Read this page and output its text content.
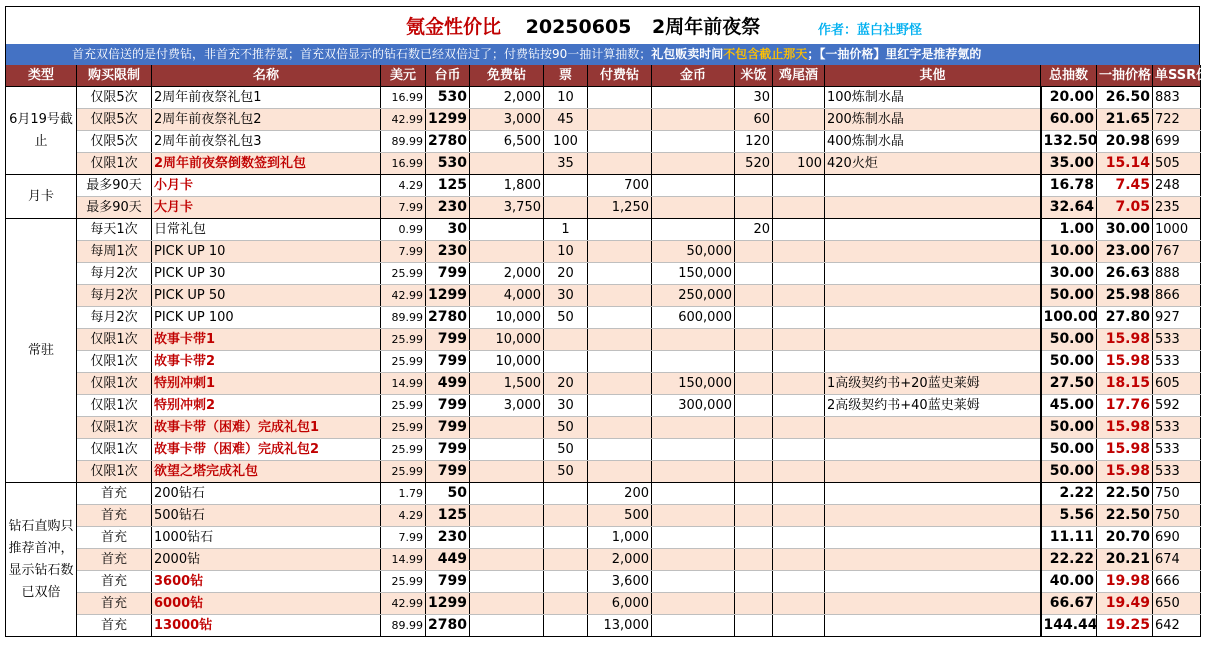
氪金性价比 20250605 2周年前夜祭	作者：蓝白社野怪
首充双倍送的是付费钻，非首充不推荐氪；首充双倍显示的钻石数已经双倍过了；付费钻按90一抽计算抽数；礼包贩卖时间不包含截止那天；【一抽价格】里红字是推荐氪的
类型	购买限制	名称	美元	台币	免费钻	票	付费钻	金币	米饭	鸡尾酒	其他	总抽数	一抽价格	单SSR价
6月19号截止	仅限5次	2周年前夜祭礼包1	16.99	530	2,000	10			30		100炼制水晶	20.00	26.50	883
	仅限5次	2周年前夜祭礼包2	42.99	1299	3,000	45			60		200炼制水晶	60.00	21.65	722
	仅限5次	2周年前夜祭礼包3	89.99	2780	6,500	100			120		400炼制水晶	132.50	20.98	699
	仅限1次	2周年前夜祭倒数签到礼包	16.99	530		35			520	100	420火炬	35.00	15.14	505
月卡	最多90天	小月卡	4.29	125	1,800		700					16.78	7.45	248
	最多90天	大月卡	7.99	230	3,750		1,250					32.64	7.05	235
常驻	每天1次	日常礼包	0.99	30		1			20			1.00	30.00	1000
	每周1次	PICK UP 10	7.99	230		10		50,000				10.00	23.00	767
	每月2次	PICK UP 30	25.99	799	2,000	20		150,000				30.00	26.63	888
	每月2次	PICK UP 50	42.99	1299	4,000	30		250,000				50.00	25.98	866
	每月2次	PICK UP 100	89.99	2780	10,000	50		600,000				100.00	27.80	927
	仅限1次	故事卡带1	25.99	799	10,000							50.00	15.98	533
	仅限1次	故事卡带2	25.99	799	10,000							50.00	15.98	533
	仅限1次	特别冲刺1	14.99	499	1,500	20		150,000			1高级契约书+20蓝史莱姆	27.50	18.15	605
	仅限1次	特别冲刺2	25.99	799	3,000	30		300,000			2高级契约书+40蓝史莱姆	45.00	17.76	592
	仅限1次	故事卡带（困难）完成礼包1	25.99	799		50						50.00	15.98	533
	仅限1次	故事卡带（困难）完成礼包2	25.99	799		50						50.00	15.98	533
	仅限1次	欲望之塔完成礼包	25.99	799		50						50.00	15.98	533
钻石直购只推荐首冲，显示钻石数已双倍	首充	200钻石	1.79	50			200					2.22	22.50	750
	首充	500钻石	4.29	125			500					5.56	22.50	750
	首充	1000钻石	7.99	230			1,000					11.11	20.70	690
	首充	2000钻	14.99	449			2,000					22.22	20.21	674
	首充	3600钻	25.99	799			3,600					40.00	19.98	666
	首充	6000钻	42.99	1299			6,000					66.67	19.49	650
	首充	13000钻	89.99	2780			13,000					144.44	19.25	642
